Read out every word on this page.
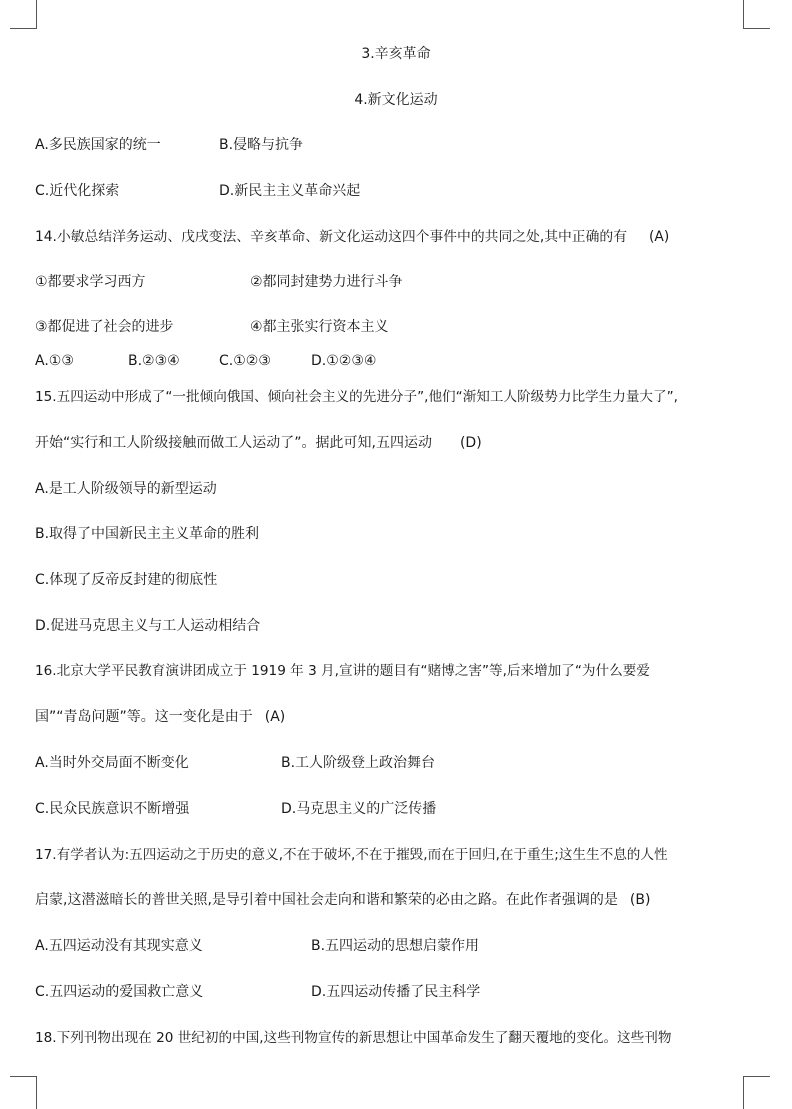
3.辛亥革命
4.新文化运动
A.多民族国家的统一	B.侵略与抗争
C.近代化探索	D.新民主主义革命兴起
14.小敏总结洋务运动、戊戌变法、辛亥革命、新文化运动这四个事件中的共同之处,其中正确的有 (A)
①都要求学习西方	②都同封建势力进行斗争
③都促进了社会的进步	④都主张实行资本主义
A.①③	B.②③④	C.①②③	D.①②③④
15.五四运动中形成了“一批倾向俄国、倾向社会主义的先进分子”,他们“渐知工人阶级势力比学生力量大了”,
开始“实行和工人阶级接触而做工人运动了”。据此可知,五四运动 (D)
A.是工人阶级领导的新型运动
B.取得了中国新民主主义革命的胜利
C.体现了反帝反封建的彻底性
D.促进马克思主义与工人运动相结合
16.北京大学平民教育演讲团成立于 1919 年 3 月,宣讲的题目有“赌博之害”等,后来增加了“为什么要爱
国”“青岛问题”等。这一变化是由于 (A)
A.当时外交局面不断变化	B.工人阶级登上政治舞台
C.民众民族意识不断增强	D.马克思主义的广泛传播
17.有学者认为:五四运动之于历史的意义,不在于破坏,不在于摧毁,而在于回归,在于重生;这生生不息的人性
启蒙,这潜滋暗长的普世关照,是导引着中国社会走向和谐和繁荣的必由之路。在此作者强调的是 (B)
A.五四运动没有其现实意义	B.五四运动的思想启蒙作用
C.五四运动的爱国救亡意义	D.五四运动传播了民主科学
18.下列刊物出现在 20 世纪初的中国,这些刊物宣传的新思想让中国革命发生了翻天覆地的变化。这些刊物
